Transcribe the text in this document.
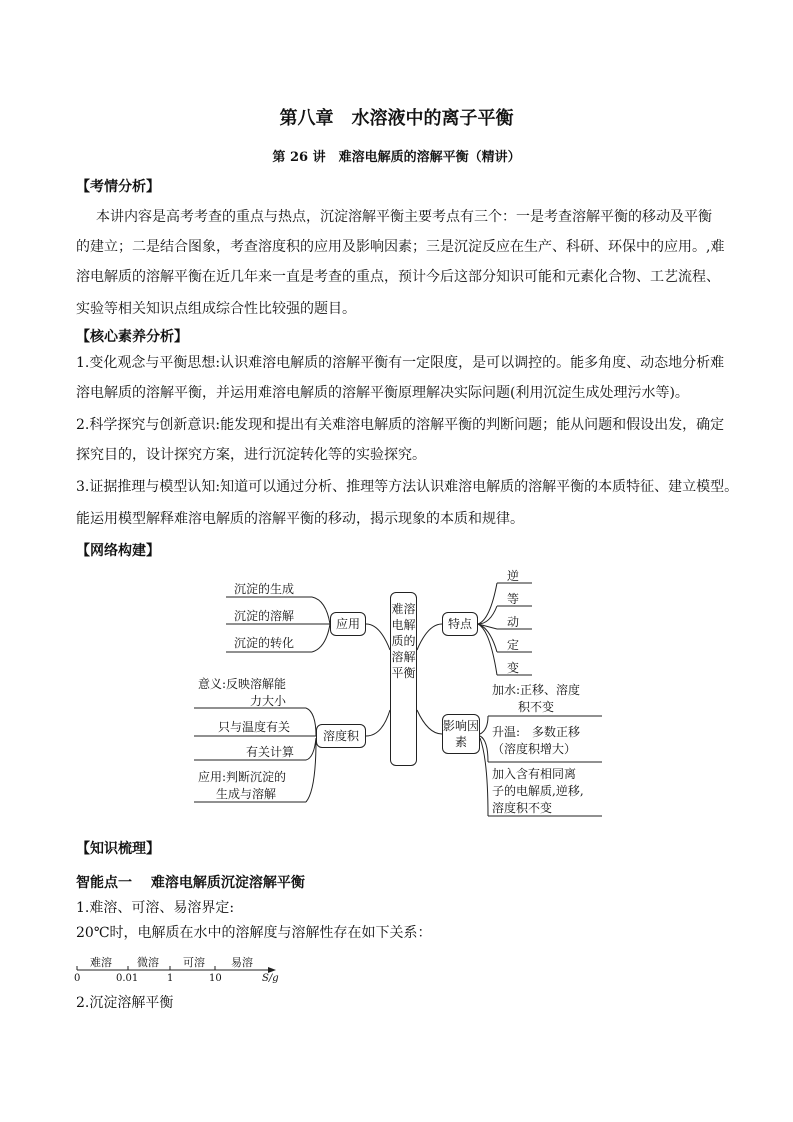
第八章　水溶液中的离子平衡
第 26 讲　难溶电解质的溶解平衡（精讲）
【考情分析】
本讲内容是高考考查的重点与热点，沉淀溶解平衡主要考点有三个：一是考查溶解平衡的移动及平衡
的建立；二是结合图象，考查溶度积的应用及影响因素；三是沉淀反应在生产、科研、环保中的应用。,难
溶电解质的溶解平衡在近几年来一直是考查的重点，预计今后这部分知识可能和元素化合物、工艺流程、
实验等相关知识点组成综合性比较强的题目。
【核心素养分析】
1.变化观念与平衡思想:认识难溶电解质的溶解平衡有一定限度，是可以调控的。能多角度、动态地分析难
溶电解质的溶解平衡，并运用难溶电解质的溶解平衡原理解决实际问题(利用沉淀生成处理污水等)。
2.科学探究与创新意识:能发现和提出有关难溶电解质的溶解平衡的判断问题；能从问题和假设出发，确定
探究目的，设计探究方案，进行沉淀转化等的实验探究。
3.证据推理与模型认知:知道可以通过分析、推理等方法认识难溶电解质的溶解平衡的本质特征、建立模型。
能运用模型解释难溶电解质的溶解平衡的移动，揭示现象的本质和规律。
【网络构建】
沉淀的生成
沉淀的溶解
沉淀的转化
应用
意义:反映溶解能
力大小
只与温度有关
有关计算
应用:判断沉淀的
生成与溶解
溶度积
难溶电解质的溶解平衡
特点
逆
等
动
定
变
影响因素
加水:正移、溶度
积不变
升温:　多数正移
（溶度积增大）
加入含有相同离
子的电解质,逆移,
溶度积不变
【知识梳理】
智能点一　 难溶电解质沉淀溶解平衡
1.难溶、可溶、易溶界定:
20℃时，电解质在水中的溶解度与溶解性存在如下关系：
难溶 微溶 可溶 易溶
0	0.01	1	10	S/g
2.沉淀溶解平衡
